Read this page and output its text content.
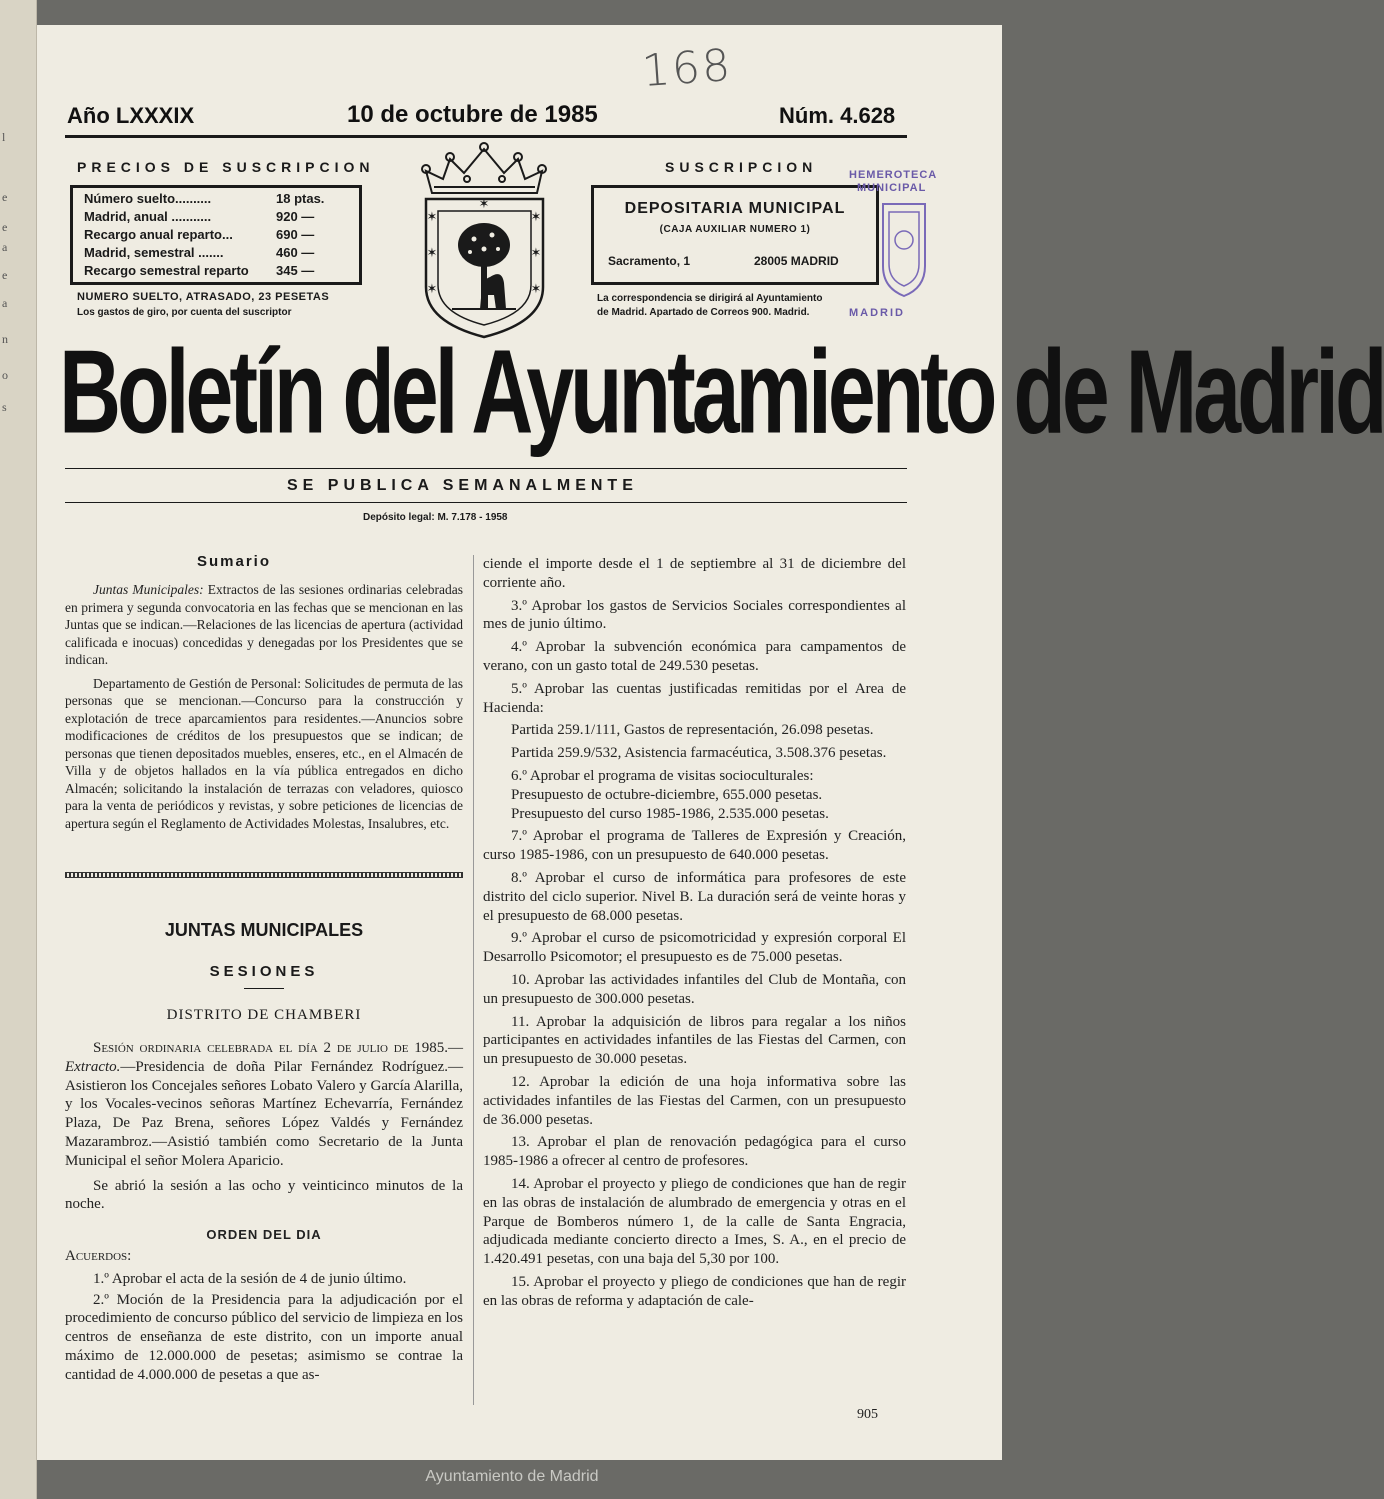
l
e
e
a
e
a
n
o
s
168
Año LXXXIX	10 de octubre de 1985	Núm. 4.628
PRECIOS DE SUSCRIPCION
Número suelto..........	18 ptas.
Madrid, anual ...........	920 —
Recargo anual reparto...	690 —
Madrid, semestral .......	460 —
Recargo semestral reparto 345 —
NUMERO SUELTO, ATRASADO, 23 PESETAS
Los gastos de giro, por cuenta del suscriptor
✶
✶
✶
✶	✶
✶	✶
SUSCRIPCION
DEPOSITARIA MUNICIPAL
(CAJA AUXILIAR NUMERO 1)
Sacramento, 1	28005 MADRID
La correspondencia se dirigirá al Ayuntamiento
de Madrid. Apartado de Correos 900. Madrid.
HEMEROTECA
MUNICIPAL
MADRID
Boletín del Ayuntamiento de Madrid
SE PUBLICA SEMANALMENTE
Depósito legal: M. 7.178 - 1958
Sumario

Juntas Municipales: Extractos de las sesiones ordinarias celebradas en primera y segunda convocatoria en las fechas que se mencionan en las Juntas que se indican.—Relaciones de las licencias de apertura (actividad calificada e inocuas) concedidas y denegadas por los Presidentes que se indican.

Departamento de Gestión de Personal: Solicitudes de permuta de las personas que se mencionan.—Concurso para la construcción y explotación de trece aparcamientos para residentes.—Anuncios sobre modificaciones de créditos de los presupuestos que se indican; de personas que tienen depositados muebles, enseres, etc., en el Almacén de Villa y de objetos hallados en la vía pública entregados en dicho Almacén; solicitando la instalación de terrazas con veladores, quiosco para la venta de periódicos y revistas, y sobre peticiones de licencias de apertura según el Reglamento de Actividades Molestas, Insalubres, etc.

JUNTAS MUNICIPALES
SESIONES
DISTRITO DE CHAMBERI

Sesión ordinaria celebrada el día 2 de julio de 1985.—Extracto.—Presidencia de doña Pilar Fernández Rodríguez.—Asistieron los Concejales señores Lobato Valero y García Alarilla, y los Vocales-vecinos señoras Martínez Echevarría, Fernández Plaza, De Paz Brena, señores López Valdés y Fernández Mazarambroz.—Asistió también como Secretario de la Junta Municipal el señor Molera Aparicio.

Se abrió la sesión a las ocho y veinticinco minutos de la noche.

ORDEN DEL DIA

Acuerdos:

1.º Aprobar el acta de la sesión de 4 de junio último.

2.º Moción de la Presidencia para la adjudicación por el procedimiento de concurso público del servicio de limpieza en los centros de enseñanza de este distrito, con un importe anual máximo de 12.000.000 de pesetas; asimismo se contrae la cantidad de 4.000.000 de pesetas a que as-

ciende el importe desde el 1 de septiembre al 31 de diciembre del corriente año.

3.º Aprobar los gastos de Servicios Sociales correspondientes al mes de junio último.

4.º Aprobar la subvención económica para campamentos de verano, con un gasto total de 249.530 pesetas.

5.º Aprobar las cuentas justificadas remitidas por el Area de Hacienda:

Partida 259.1/111, Gastos de representación, 26.098 pesetas.

Partida 259.9/532, Asistencia farmacéutica, 3.508.376 pesetas.

6.º Aprobar el programa de visitas socioculturales:

Presupuesto de octubre-diciembre, 655.000 pesetas.

Presupuesto del curso 1985-1986, 2.535.000 pesetas.

7.º Aprobar el programa de Talleres de Expresión y Creación, curso 1985-1986, con un presupuesto de 640.000 pesetas.

8.º Aprobar el curso de informática para profesores de este distrito del ciclo superior. Nivel B. La duración será de veinte horas y el presupuesto de 68.000 pesetas.

9.º Aprobar el curso de psicomotricidad y expresión corporal El Desarrollo Psicomotor; el presupuesto es de 75.000 pesetas.

10. Aprobar las actividades infantiles del Club de Montaña, con un presupuesto de 300.000 pesetas.

11. Aprobar la adquisición de libros para regalar a los niños participantes en actividades infantiles de las Fiestas del Carmen, con un presupuesto de 30.000 pesetas.

12. Aprobar la edición de una hoja informativa sobre las actividades infantiles de las Fiestas del Carmen, con un presupuesto de 36.000 pesetas.

13. Aprobar el plan de renovación pedagógica para el curso 1985-1986 a ofrecer al centro de profesores.

14. Aprobar el proyecto y pliego de condiciones que han de regir en las obras de instalación de alumbrado de emergencia y otras en el Parque de Bomberos número 1, de la calle de Santa Engracia, adjudicada mediante concierto directo a Imes, S. A., en el precio de 1.420.491 pesetas, con una baja del 5,30 por 100.

15. Aprobar el proyecto y pliego de condiciones que han de regir en las obras de reforma y adaptación de cale-

905
Ayuntamiento de Madrid
